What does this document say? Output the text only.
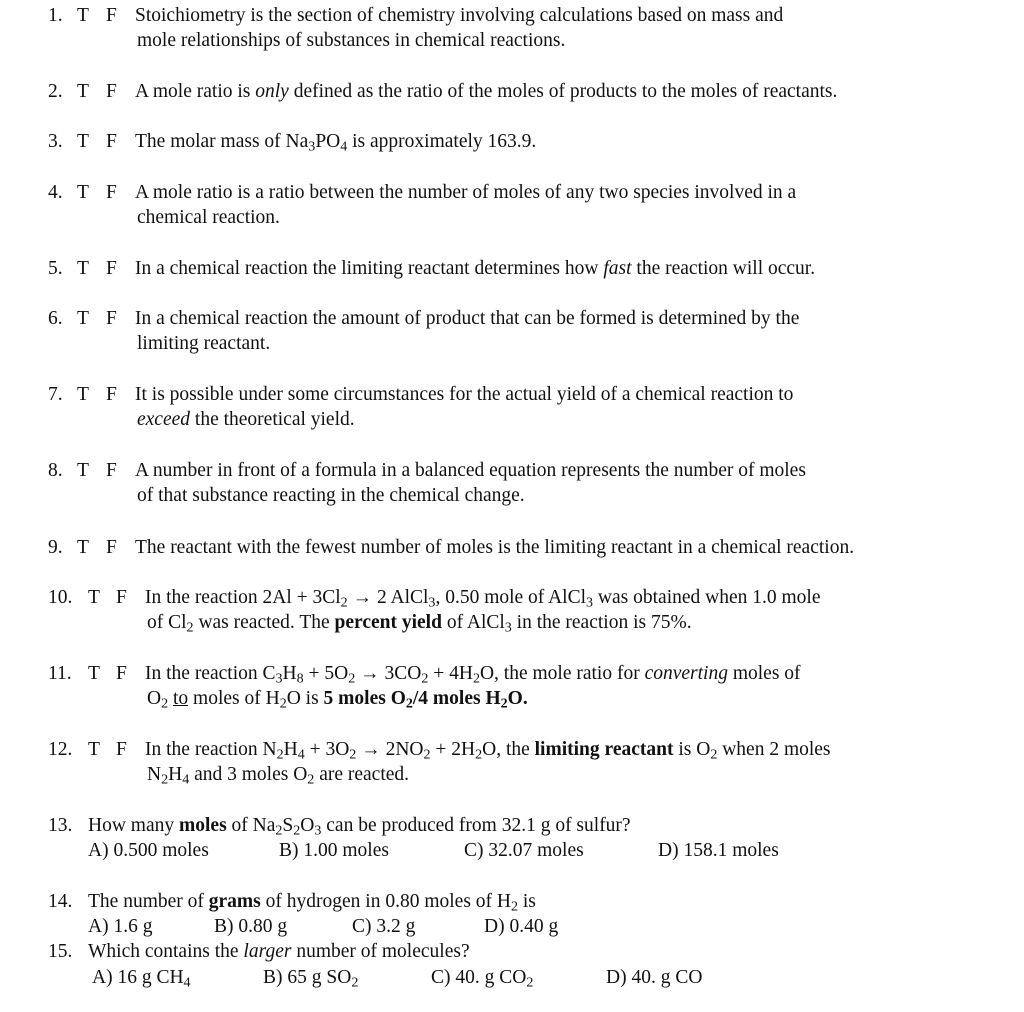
1. T F Stoichiometry is the section of chemistry involving calculations based on mass and
mole relationships of substances in chemical reactions.
2. T F A mole ratio is only defined as the ratio of the moles of products to the moles of reactants.
3. T F The molar mass of $Na_3PO_4$ is approximately 163.9.
4. T F A mole ratio is a ratio between the number of moles of any two species involved in a
chemical reaction.
5. T F In a chemical reaction the limiting reactant determines how fast the reaction will occur.
6. T F In a chemical reaction the amount of product that can be formed is determined by the
limiting reactant.
7. T F It is possible under some circumstances for the actual yield of a chemical reaction to
exceed the theoretical yield.
8. T F A number in front of a formula in a balanced equation represents the number of moles
of that substance reacting in the chemical change.
9. T F The reactant with the fewest number of moles is the limiting reactant in a chemical reaction.
10. T F In the reaction $2Al + 3Cl_2 \to 2$ AlCl$_3$, 0.50 mole of AlCl$_3$ was obtained when 1.0 mole
of $Cl_2$ was reacted. The percent yield of AlCl$_3$ in the reaction is 75%.
11. T F In the reaction $C_3H_8 + 5O_2 \to 3CO_2 + 4H_2O$, the mole ratio for converting moles of
$O_2$ to moles of $H_2O$ is 5 moles $O_2/4$ moles $H_2O$.
12. T F In the reaction $N_2H_4 + 3O_2 \to 2NO_2 + 2H_2O$, the limiting reactant is $O_2$ when 2 moles
$N_2H_4$ and 3 moles $O_2$ are reacted.
13. How many moles of $Na_2S_2O_3$ can be produced from 32.1 g of sulfur?
A) 0.500 moles	B) 1.00 moles	C) 32.07 moles	D) 158.1 moles
14. The number of grams of hydrogen in 0.80 moles of $H_2$ is
A) 1.6 g	B) 0.80 g	C) 3.2 g	D) 0.40 g
15. Which contains the larger number of molecules?
A) 16 g $CH_4$	B) 65 g $SO_2$	C) 40. g $CO_2$	D) 40. g CO
